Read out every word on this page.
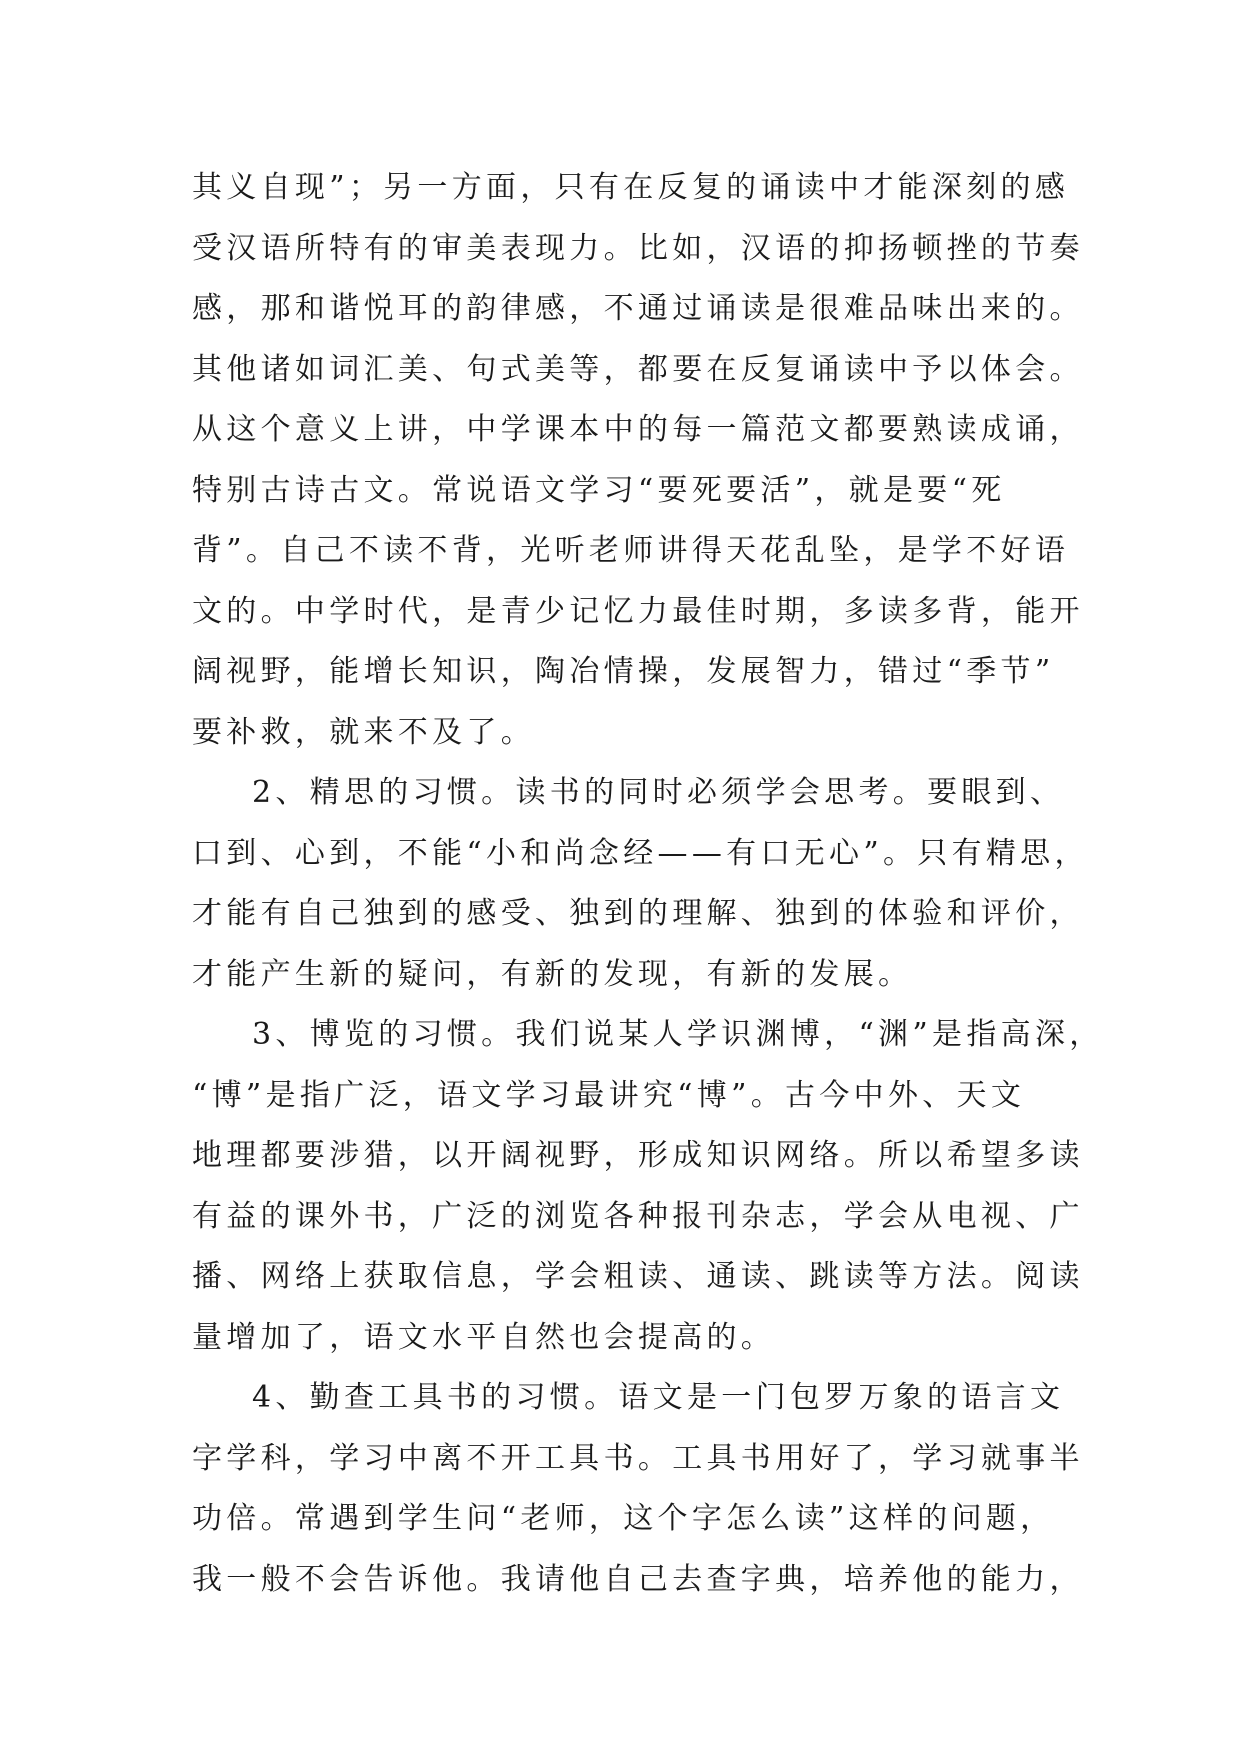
其义自现”；另一方面，只有在反复的诵读中才能深刻的感
受汉语所特有的审美表现力。比如，汉语的抑扬顿挫的节奏
感，那和谐悦耳的韵律感，不通过诵读是很难品味出来的。
其他诸如词汇美、句式美等，都要在反复诵读中予以体会。
从这个意义上讲，中学课本中的每一篇范文都要熟读成诵，
特别古诗古文。常说语文学习“要死要活”，就是要“死
背”。自己不读不背，光听老师讲得天花乱坠，是学不好语
文的。中学时代，是青少记忆力最佳时期，多读多背，能开
阔视野，能增长知识，陶冶情操，发展智力，错过“季节”
要补救，就来不及了。
2、精思的习惯。读书的同时必须学会思考。要眼到、
口到、心到，不能“小和尚念经——有口无心”。只有精思，
才能有自己独到的感受、独到的理解、独到的体验和评价，
才能产生新的疑问，有新的发现，有新的发展。
3、博览的习惯。我们说某人学识渊博，“渊”是指高深，
“博”是指广泛，语文学习最讲究“博”。古今中外、天文
地理都要涉猎，以开阔视野，形成知识网络。所以希望多读
有益的课外书，广泛的浏览各种报刊杂志，学会从电视、广
播、网络上获取信息，学会粗读、通读、跳读等方法。阅读
量增加了，语文水平自然也会提高的。
4、勤查工具书的习惯。语文是一门包罗万象的语言文
字学科，学习中离不开工具书。工具书用好了，学习就事半
功倍。常遇到学生问“老师，这个字怎么读”这样的问题，
我一般不会告诉他。我请他自己去查字典，培养他的能力，
